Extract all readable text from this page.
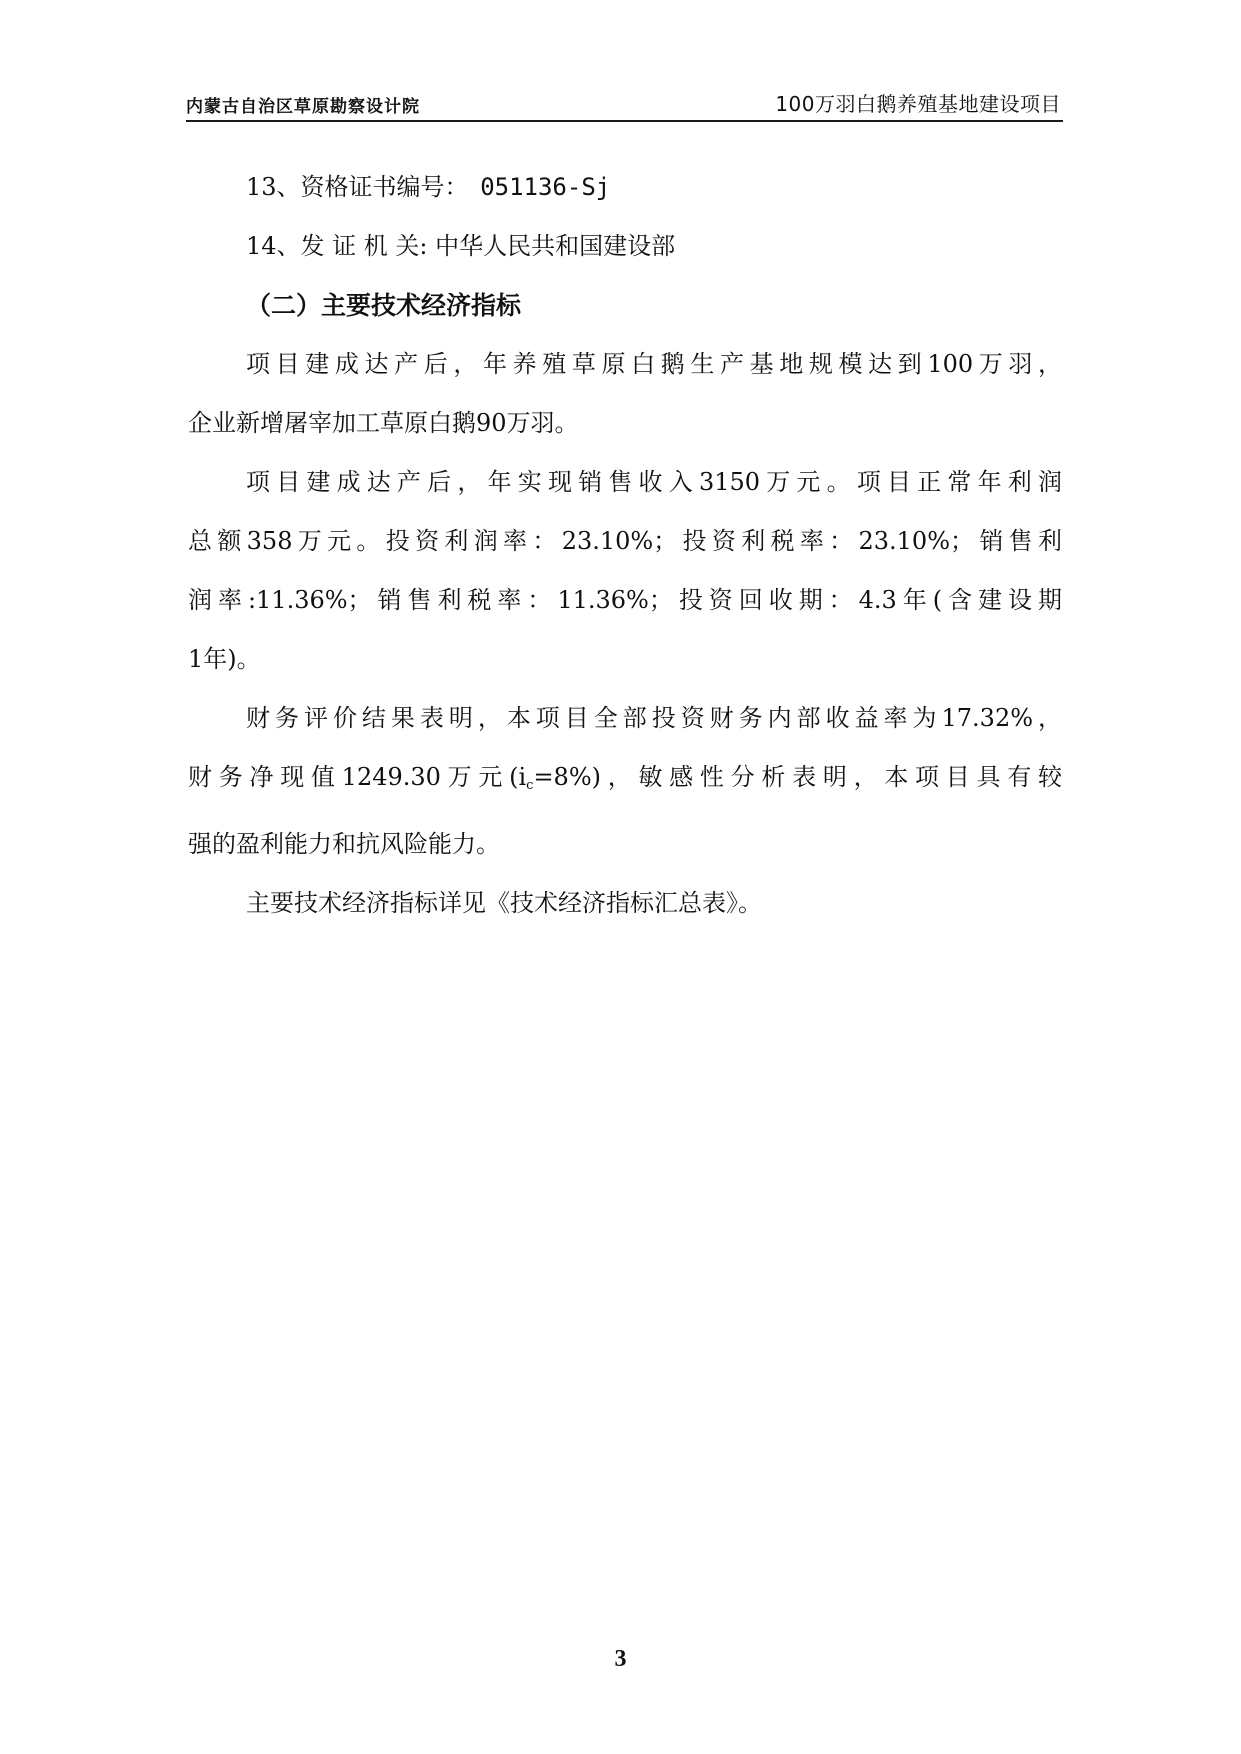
内蒙古自治区草原勘察设计院	100万羽白鹅养殖基地建设项目

13、资格证书编号： 051136-Sj

14、发 证 机 关: 中华人民共和国建设部

（二）主要技术经济指标

项目建成达产后，年养殖草原白鹅生产基地规模达到100万羽，

企业新增屠宰加工草原白鹅90万羽。

项目建成达产后，年实现销售收入3150万元。项目正常年利润

总额358万元。投资利润率：23.10%；投资利税率：23.10%；销售利

润率:11.36%；销售利税率：11.36%；投资回收期：4.3年(含建设期

1年)。

财务评价结果表明，本项目全部投资财务内部收益率为17.32%，

财务净现值1249.30万元$(i_c=8\%)$，敏感性分析表明，本项目具有较

强的盈利能力和抗风险能力。

主要技术经济指标详见《技术经济指标汇总表》。

3
